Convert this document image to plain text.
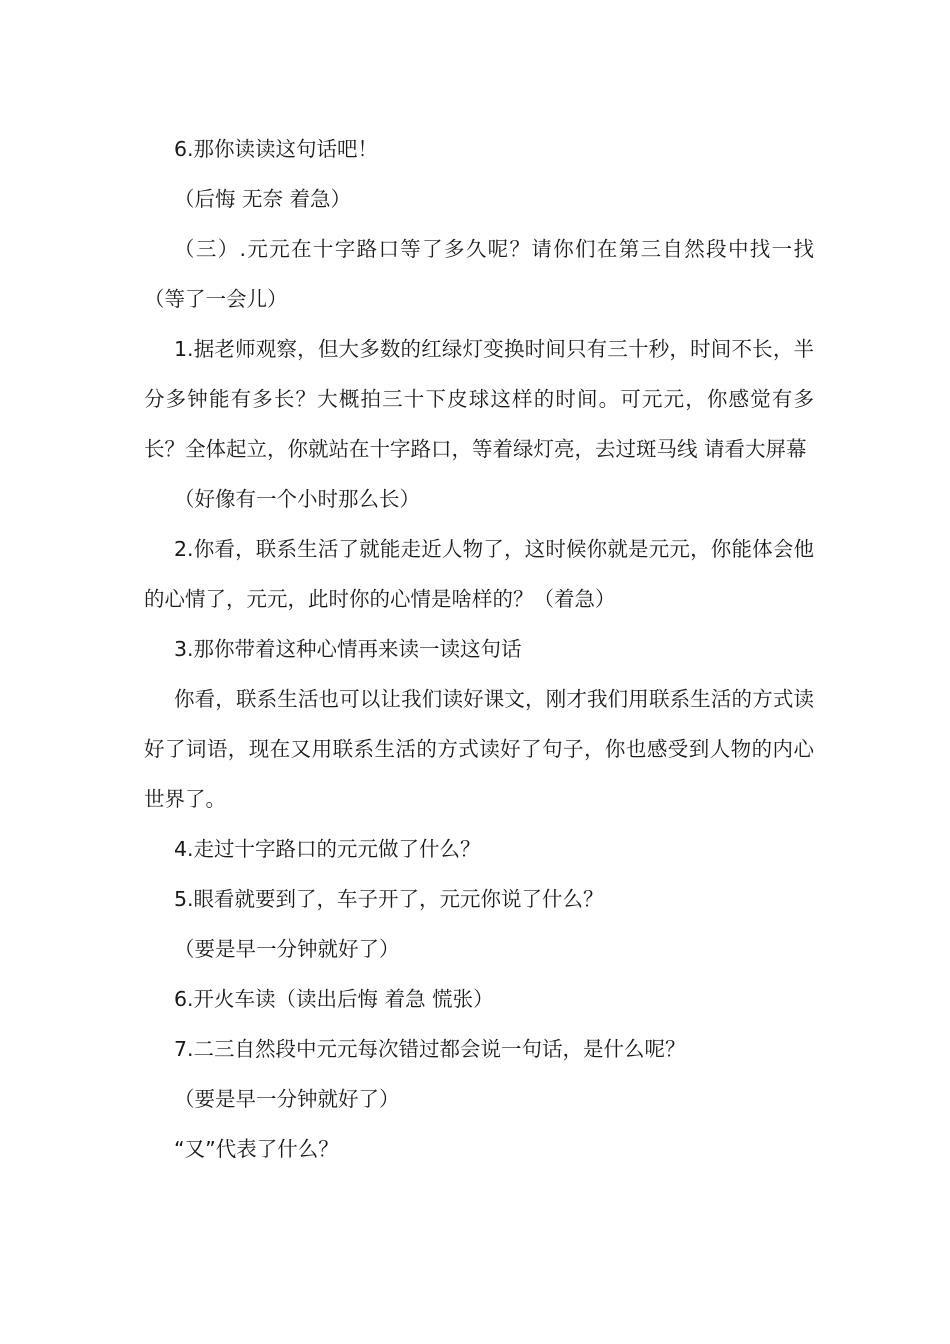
6.那你读读这句话吧！

（后悔 无奈 着急）

（三）.元元在十字路口等了多久呢？请你们在第三自然段中找一找（等了一会儿）

1.据老师观察，但大多数的红绿灯变换时间只有三十秒，时间不长，半分多钟能有多长？大概拍三十下皮球这样的时间。可元元，你感觉有多长？全体起立，你就站在十字路口，等着绿灯亮，去过斑马线 请看大屏幕

（好像有一个小时那么长）

2.你看，联系生活了就能走近人物了，这时候你就是元元，你能体会他的心情了，元元，此时你的心情是啥样的？（着急）

3.那你带着这种心情再来读一读这句话

你看，联系生活也可以让我们读好课文，刚才我们用联系生活的方式读好了词语，现在又用联系生活的方式读好了句子，你也感受到人物的内心世界了。

4.走过十字路口的元元做了什么？

5.眼看就要到了，车子开了，元元你说了什么？

（要是早一分钟就好了）

6.开火车读（读出后悔 着急 慌张）

7.二三自然段中元元每次错过都会说一句话，是什么呢？

（要是早一分钟就好了）

“又”代表了什么？
